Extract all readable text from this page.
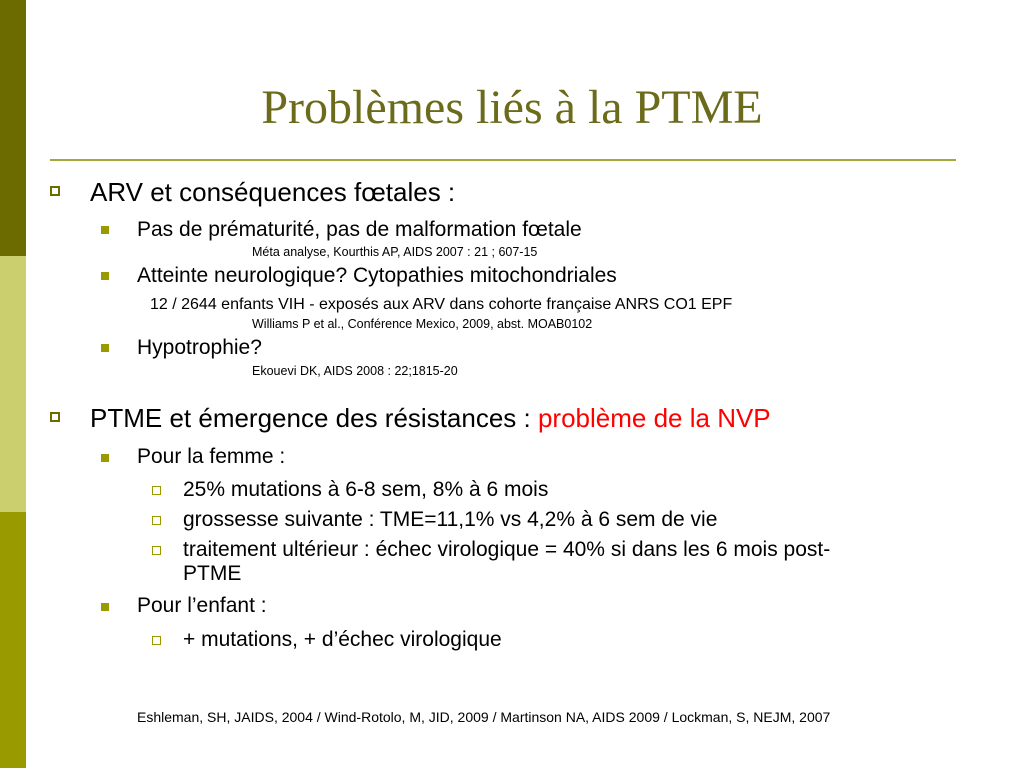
Problèmes liés à la PTME
ARV et conséquences fœtales :
Pas de prématurité, pas de malformation fœtale
Méta analyse, Kourthis AP, AIDS 2007 : 21 ; 607-15
Atteinte neurologique? Cytopathies mitochondriales
12 / 2644 enfants VIH - exposés aux ARV dans cohorte française ANRS CO1 EPF
Williams P et al., Conférence Mexico, 2009, abst. MOAB0102
Hypotrophie?
Ekouevi DK, AIDS 2008 : 22;1815-20
PTME et émergence des résistances : problème de la NVP
Pour la femme :
25% mutations à 6-8 sem, 8% à 6 mois
grossesse suivante : TME=11,1% vs 4,2% à 6 sem de vie
traitement ultérieur : échec virologique = 40% si dans les 6 mois post-
PTME
Pour l’enfant :
+ mutations, + d’échec virologique
Eshleman, SH, JAIDS, 2004 / Wind-Rotolo, M, JID, 2009 / Martinson NA, AIDS 2009 / Lockman, S, NEJM, 2007
